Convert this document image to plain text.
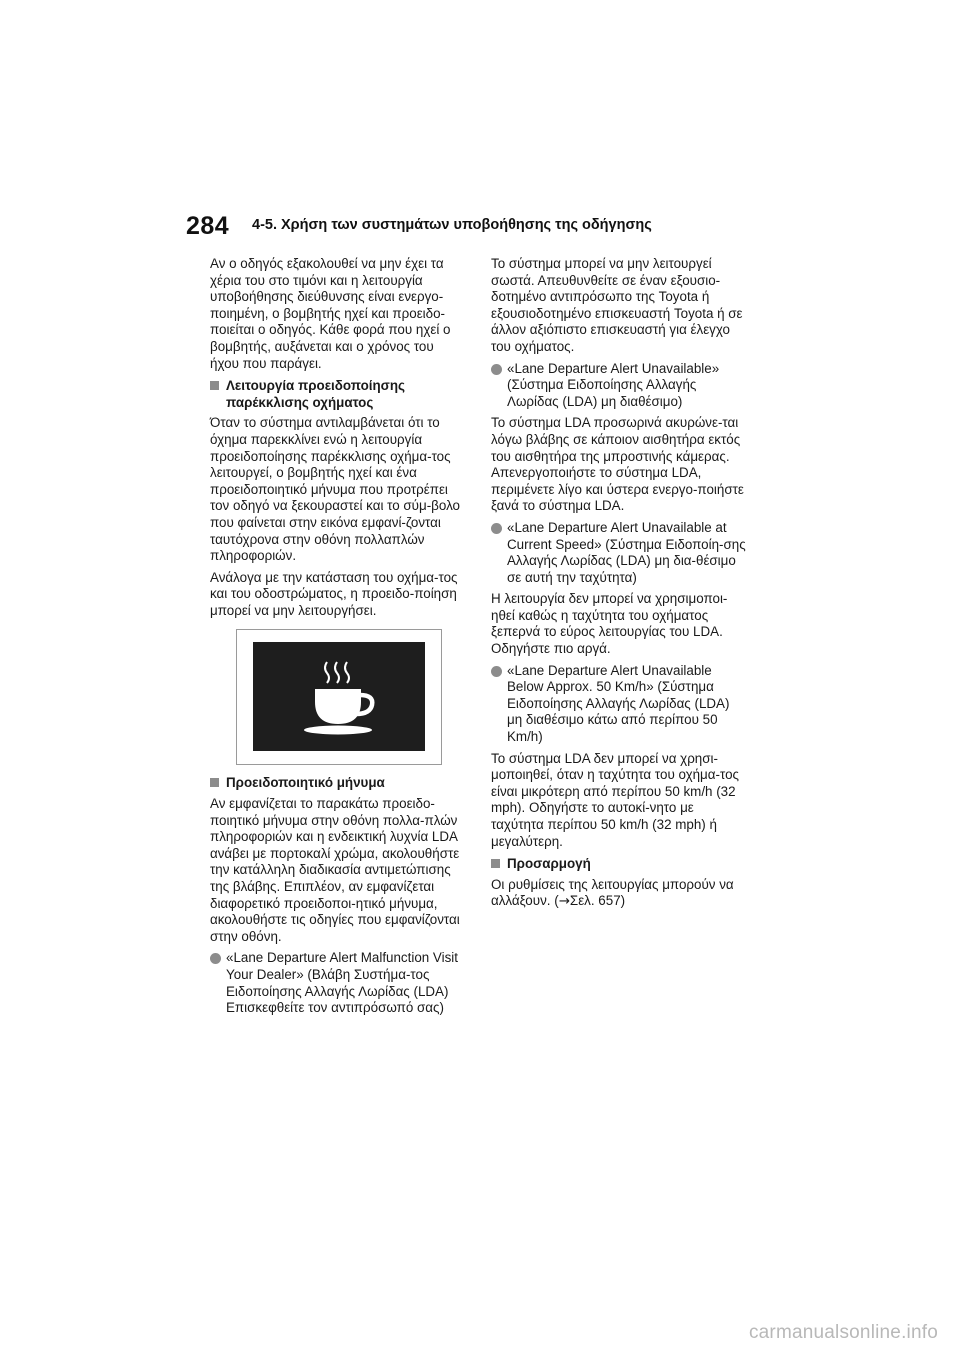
284 4-5. Χρήση των συστημάτων υποβοήθησης της οδήγησης

Αν ο οδηγός εξακολουθεί να μην έχει τα χέρια του στο τιμόνι και η λειτουργία υποβοήθησης διεύθυνσης είναι ενεργο-ποιημένη, ο βομβητής ηχεί και προειδο-ποιείται ο οδηγός. Κάθε φορά που ηχεί ο βομβητής, αυξάνεται και ο χρόνος του ήχου που παράγει.

Λειτουργία προειδοποίησης παρέκκλισης οχήματος

Όταν το σύστημα αντιλαμβάνεται ότι το όχημα παρεκκλίνει ενώ η λειτουργία προειδοποίησης παρέκκλισης οχήμα-τος λειτουργεί, ο βομβητής ηχεί και ένα προειδοποιητικό μήνυμα που προτρέπει τον οδηγό να ξεκουραστεί και το σύμ-βολο που φαίνεται στην εικόνα εμφανί-ζονται ταυτόχρονα στην οθόνη πολλαπλών πληροφοριών.

Ανάλογα με την κατάσταση του οχήμα-τος και του οδοστρώματος, η προειδο-ποίηση μπορεί να μην λειτουργήσει.

Προειδοποιητικό μήνυμα

Αν εμφανίζεται το παρακάτω προειδο-ποιητικό μήνυμα στην οθόνη πολλα-πλών πληροφοριών και η ενδεικτική λυχνία LDA ανάβει με πορτοκαλί χρώμα, ακολουθήστε την κατάλληλη διαδικασία αντιμετώπισης της βλάβης. Επιπλέον, αν εμφανίζεται διαφορετικό προειδοποι-ητικό μήνυμα, ακολουθήστε τις οδηγίες που εμφανίζονται στην οθόνη.

«Lane Departure Alert Malfunction Visit Your Dealer» (Βλάβη Συστήμα-τος Ειδοποίησης Αλλαγής Λωρίδας (LDA) Επισκεφθείτε τον αντιπρόσωπό σας)

Το σύστημα μπορεί να μην λειτουργεί σωστά. Απευθυνθείτε σε έναν εξουσιο-δοτημένο αντιπρόσωπο της Toyota ή εξουσιοδοτημένο επισκευαστή Toyota ή σε άλλον αξιόπιστο επισκευαστή για έλεγχο του οχήματος.

«Lane Departure Alert Unavailable» (Σύστημα Ειδοποίησης Αλλαγής Λωρίδας (LDA) μη διαθέσιμο)

Το σύστημα LDA προσωρινά ακυρώνε-ται λόγω βλάβης σε κάποιον αισθητήρα εκτός του αισθητήρα της μπροστινής κάμερας. Απενεργοποιήστε το σύστημα LDA, περιμένετε λίγο και ύστερα ενεργο-ποιήστε ξανά το σύστημα LDA.

«Lane Departure Alert Unavailable at Current Speed» (Σύστημα Ειδοποίη-σης Αλλαγής Λωρίδας (LDA) μη δια-θέσιμο σε αυτή την ταχύτητα)

Η λειτουργία δεν μπορεί να χρησιμοποι-ηθεί καθώς η ταχύτητα του οχήματος ξεπερνά το εύρος λειτουργίας του LDA. Οδηγήστε πιο αργά.

«Lane Departure Alert Unavailable Below Approx. 50 Km/h» (Σύστημα Ειδοποίησης Αλλαγής Λωρίδας (LDA) μη διαθέσιμο κάτω από περίπου 50 Km/h)

Το σύστημα LDA δεν μπορεί να χρησι-μοποιηθεί, όταν η ταχύτητα του οχήμα-τος είναι μικρότερη από περίπου 50 km/h (32 mph). Οδηγήστε το αυτοκί-νητο με ταχύτητα περίπου 50 km/h (32 mph) ή μεγαλύτερη.

Προσαρμογή

Οι ρυθμίσεις της λειτουργίας μπορούν να αλλάξουν. (→Σελ. 657)

carmanualsonline.info
